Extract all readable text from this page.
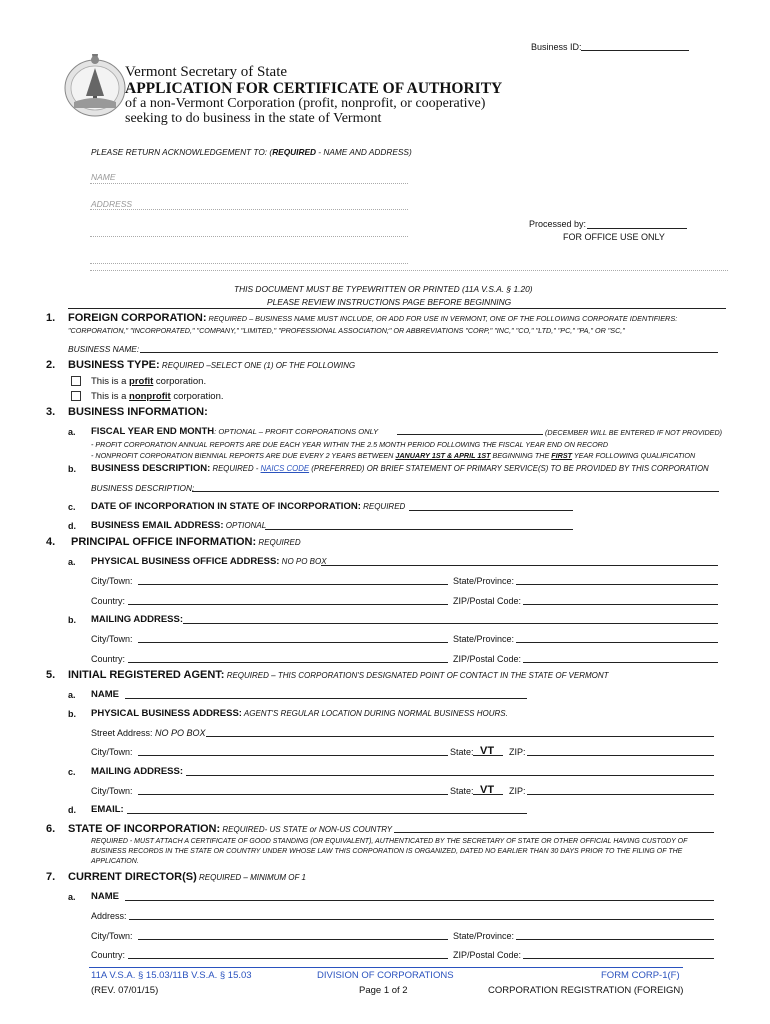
Business ID:
Vermont Secretary of State
APPLICATION FOR CERTIFICATE OF AUTHORITY
of a non-Vermont Corporation (profit, nonprofit, or cooperative)
seeking to do business in the state of Vermont
PLEASE RETURN ACKNOWLEDGEMENT TO: (REQUIRED - NAME AND ADDRESS)
NAME
ADDRESS
Processed by:
FOR OFFICE USE ONLY
THIS DOCUMENT MUST BE TYPEWRITTEN OR PRINTED (11A V.S.A. § 1.20)
PLEASE REVIEW INSTRUCTIONS PAGE BEFORE BEGINNING
1. FOREIGN CORPORATION: REQUIRED – BUSINESS NAME MUST INCLUDE, OR ADD FOR USE IN VERMONT, ONE OF THE FOLLOWING CORPORATE IDENTIFIERS:
"CORPORATION," "INCORPORATED," "COMPANY," "LIMITED," "PROFESSIONAL ASSOCIATION;" OR ABBREVIATIONS "CORP," "INC," "CO," "LTD," "PC," "PA," OR "SC,"
BUSINESS NAME:
2. BUSINESS TYPE: REQUIRED –SELECT ONE (1) OF THE FOLLOWING
This is a profit corporation.
This is a nonprofit corporation.
3. BUSINESS INFORMATION:
a. FISCAL YEAR END MONTH: OPTIONAL – PROFIT CORPORATIONS ONLY	(DECEMBER WILL BE ENTERED IF NOT PROVIDED)
- PROFIT CORPORATION ANNUAL REPORTS ARE DUE EACH YEAR WITHIN THE 2.5 MONTH PERIOD FOLLOWING THE FISCAL YEAR END ON RECORD
- NONPROFIT CORPORATION BIENNIAL REPORTS ARE DUE EVERY 2 YEARS BETWEEN JANUARY 1ST & APRIL 1ST BEGINNING THE FIRST YEAR FOLLOWING QUALIFICATION
b. BUSINESS DESCRIPTION: REQUIRED - NAICS CODE (PREFERRED) OR BRIEF STATEMENT OF PRIMARY SERVICE(S) TO BE PROVIDED BY THIS CORPORATION
BUSINESS DESCRIPTION:
c. DATE OF INCORPORATION IN STATE OF INCORPORATION: REQUIRED
d. BUSINESS EMAIL ADDRESS: OPTIONAL
4. PRINCIPAL OFFICE INFORMATION: REQUIRED
a. PHYSICAL BUSINESS OFFICE ADDRESS: NO PO BOX
City/Town:	State/Province:
Country:	ZIP/Postal Code:
b. MAILING ADDRESS:
City/Town:	State/Province:
Country:	ZIP/Postal Code:
5. INITIAL REGISTERED AGENT: REQUIRED – THIS CORPORATION'S DESIGNATED POINT OF CONTACT IN THE STATE OF VERMONT
a. NAME
b. PHYSICAL BUSINESS ADDRESS: AGENT'S REGULAR LOCATION DURING NORMAL BUSINESS HOURS.
Street Address: NO PO BOX
City/Town:	State: VT ZIP:
c. MAILING ADDRESS:
City/Town:	State: VT ZIP:
d. EMAIL:
6. STATE OF INCORPORATION: REQUIRED- US STATE or NON-US COUNTRY
REQUIRED - MUST ATTACH A CERTIFICATE OF GOOD STANDING (OR EQUIVALENT), AUTHENTICATED BY THE SECRETARY OF STATE OR OTHER OFFICIAL HAVING CUSTODY OF
BUSINESS RECORDS IN THE STATE OR COUNTRY UNDER WHOSE LAW THIS CORPORATION IS ORGANIZED, DATED NO EARLIER THAN 30 DAYS PRIOR TO THE FILING OF THE
APPLICATION.
7. CURRENT DIRECTOR(S) REQUIRED – MINIMUM OF 1
a. NAME
Address:
City/Town:	State/Province:
Country:	ZIP/Postal Code:
11A V.S.A. § 15.03/11B V.S.A. § 15.03	DIVISION OF CORPORATIONS	FORM CORP-1(F)
(REV. 07/01/15)	Page 1 of 2	CORPORATION REGISTRATION (FOREIGN)
